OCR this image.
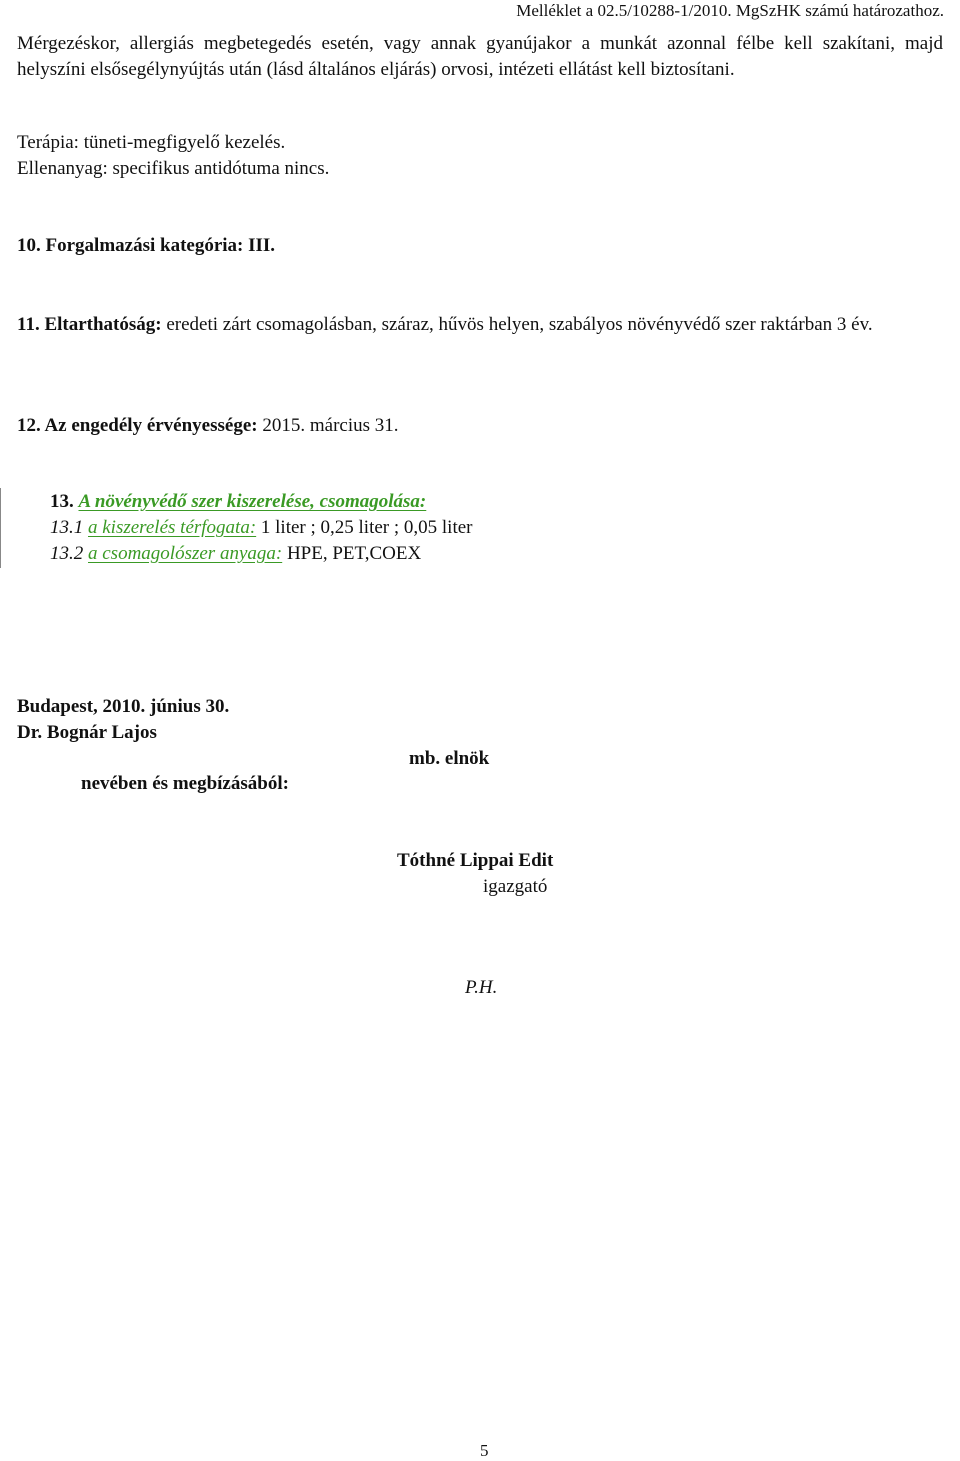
Melléklet a 02.5/10288-1/2010. MgSzHK számú határozathoz.
Mérgezéskor, allergiás megbetegedés esetén, vagy annak gyanújakor a munkát azonnal félbe kell szakítani, majd helyszíni elsősegélynyújtás után (lásd általános eljárás) orvosi, intézeti ellátást kell biztosítani.
Terápia: tüneti-megfigyelő kezelés.
Ellenanyag: specifikus antidótuma nincs.
10. Forgalmazási kategória: III.
11. Eltarthatóság: eredeti zárt csomagolásban, száraz, hűvös helyen, szabályos növényvédő szer raktárban 3 év.
12. Az engedély érvényessége: 2015. március 31.
13. A növényvédő szer kiszerelése, csomagolása:
13.1 a kiszerelés térfogata: 1 liter ; 0,25 liter ; 0,05 liter
13.2 a csomagolószer anyaga: HPE, PET,COEX
Budapest, 2010. június 30.
Dr. Bognár Lajos
mb. elnök
nevében és megbízásából:
Tóthné Lippai Edit
igazgató
P.H.
5
